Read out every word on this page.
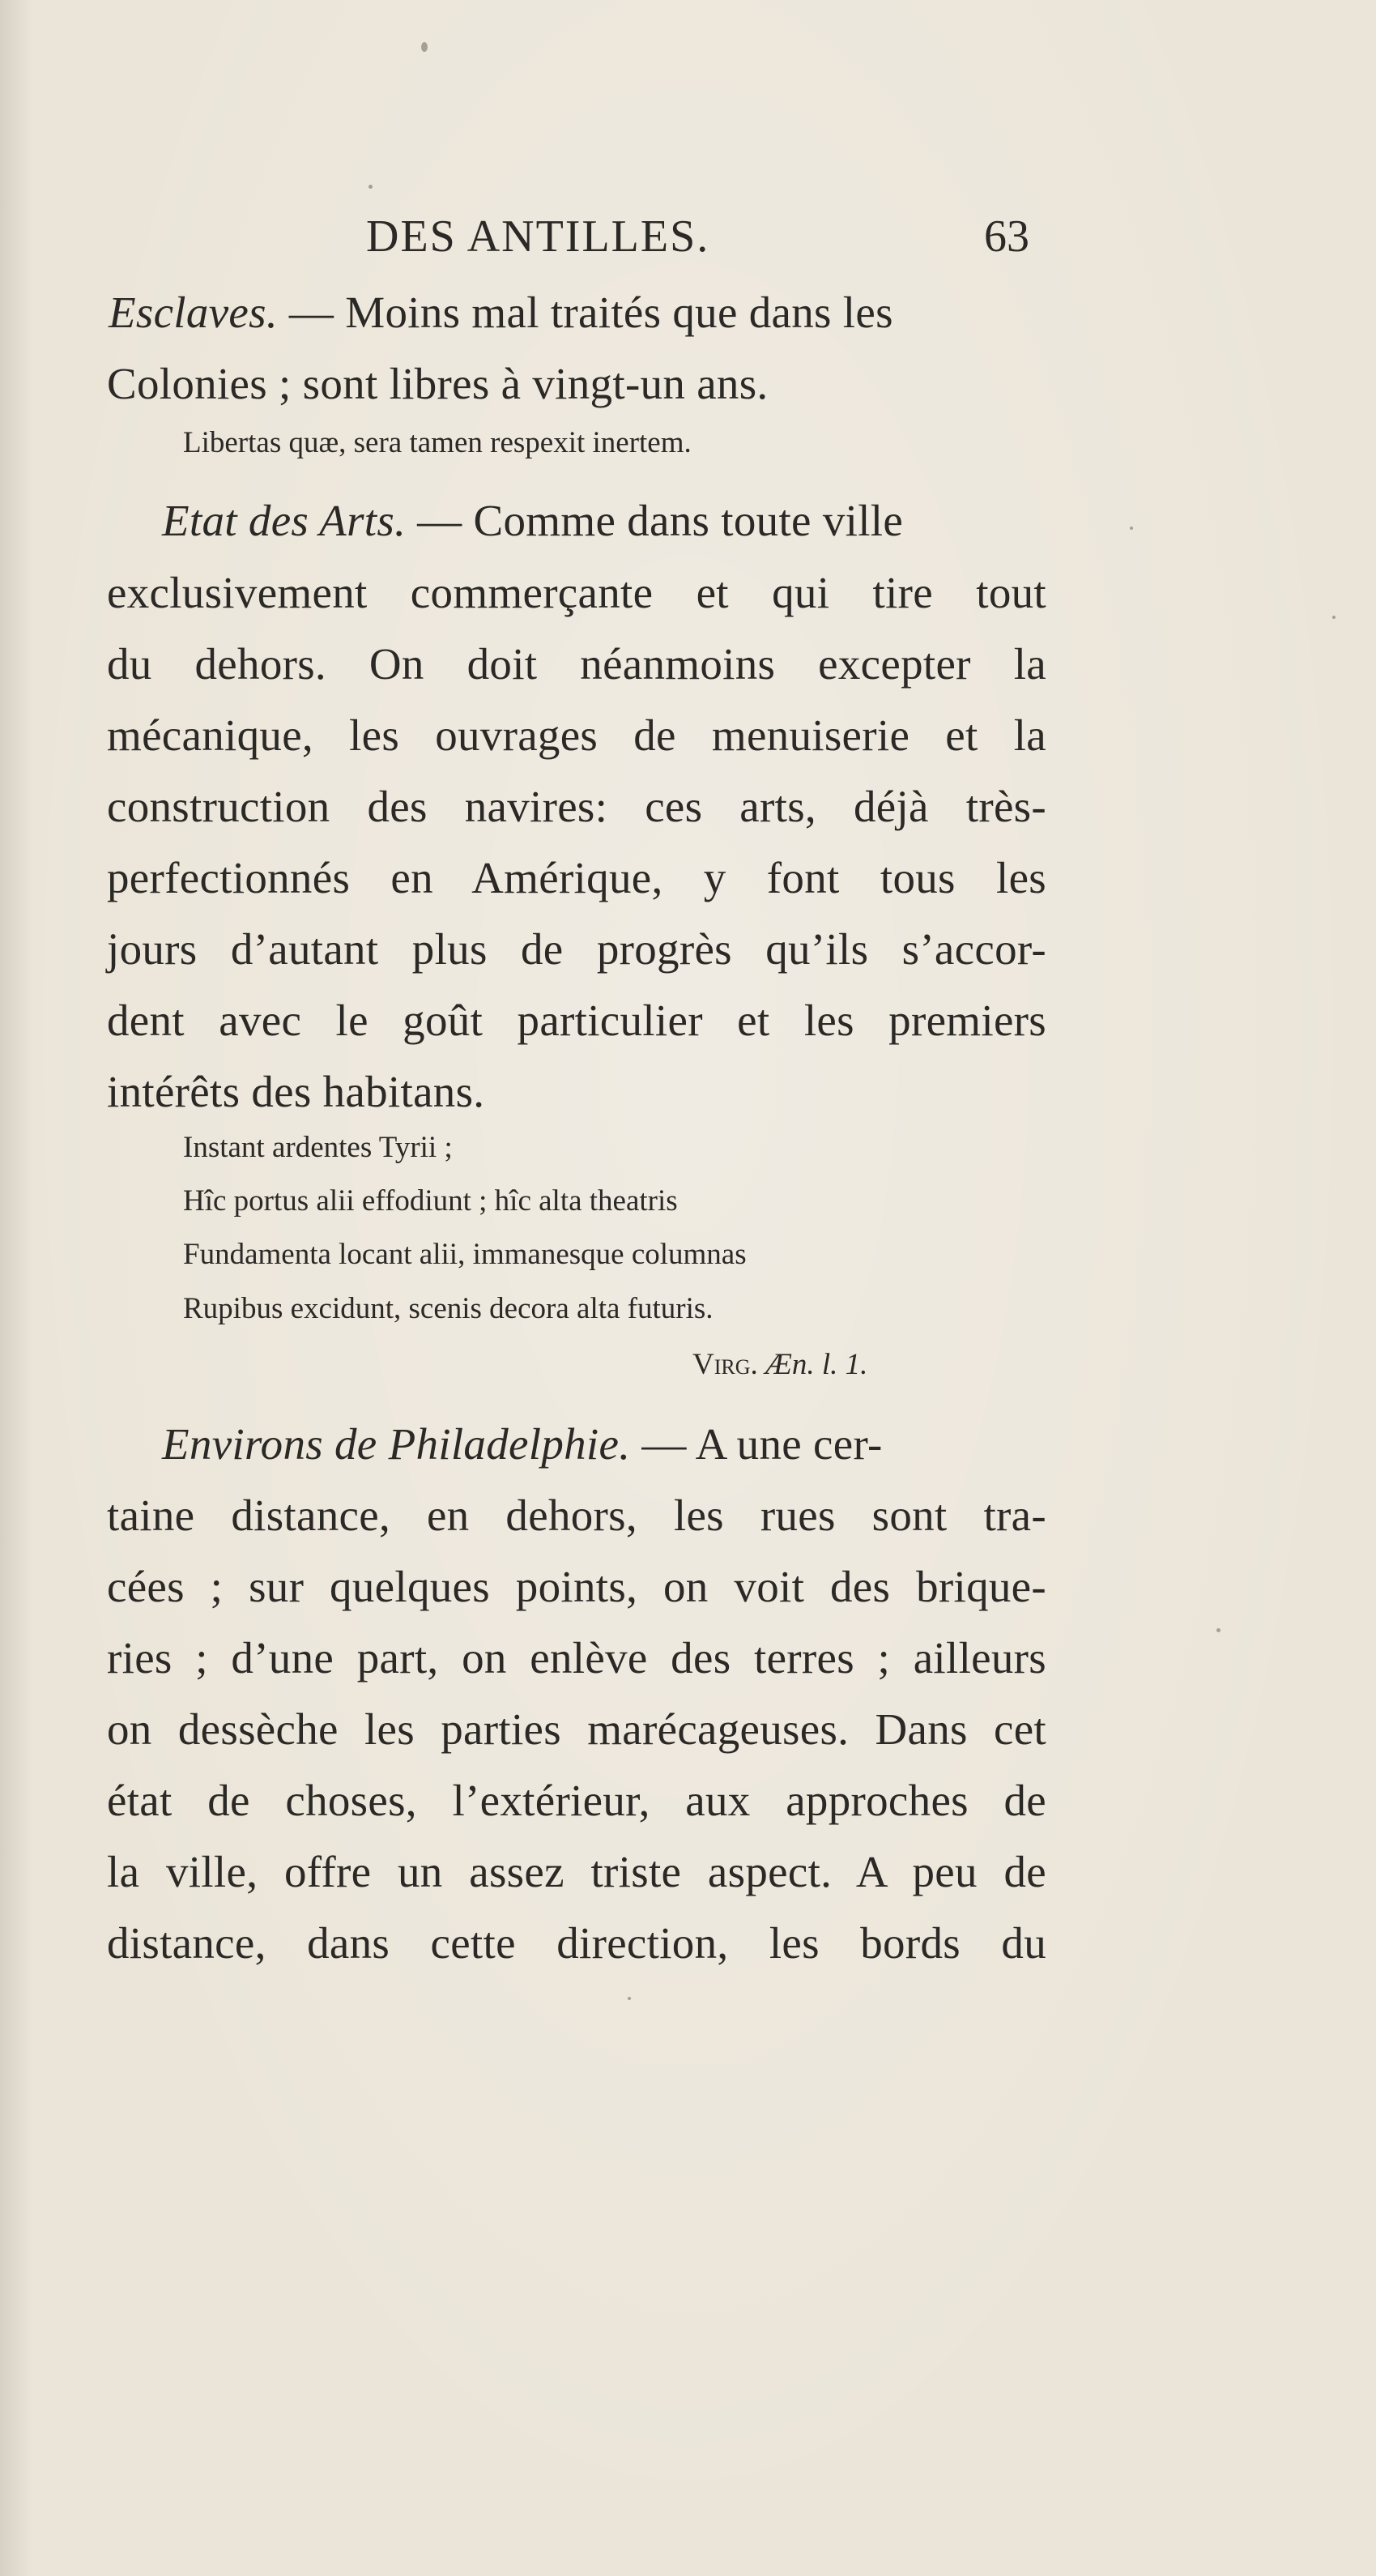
DES ANTILLES.	63
Esclaves. — Moins mal traités que dans les
Colonies ; sont libres à vingt-un ans.
Libertas quæ, sera tamen respexit inertem.
Etat des Arts. — Comme dans toute ville
exclusivement commerçante et qui tire tout
du dehors. On doit néanmoins excepter la
mécanique, les ouvrages de menuiserie et la
construction des navires: ces arts, déjà très-
perfectionnés en Amérique, y font tous les
jours d’autant plus de progrès qu’ils s’accor-
dent avec le goût particulier et les premiers
intérêts des habitans.
Instant ardentes Tyrii ;
Hîc portus alii effodiunt ; hîc alta theatris
Fundamenta locant alii, immanesque columnas
Rupibus excidunt, scenis decora alta futuris.
Virg. Æn. l. 1.
Environs de Philadelphie. — A une cer-
taine distance, en dehors, les rues sont tra-
cées ; sur quelques points, on voit des brique-
ries ; d’une part, on enlève des terres ; ailleurs
on dessèche les parties marécageuses. Dans cet
état de choses, l’extérieur, aux approches de
la ville, offre un assez triste aspect. A peu de
distance, dans cette direction, les bords du
